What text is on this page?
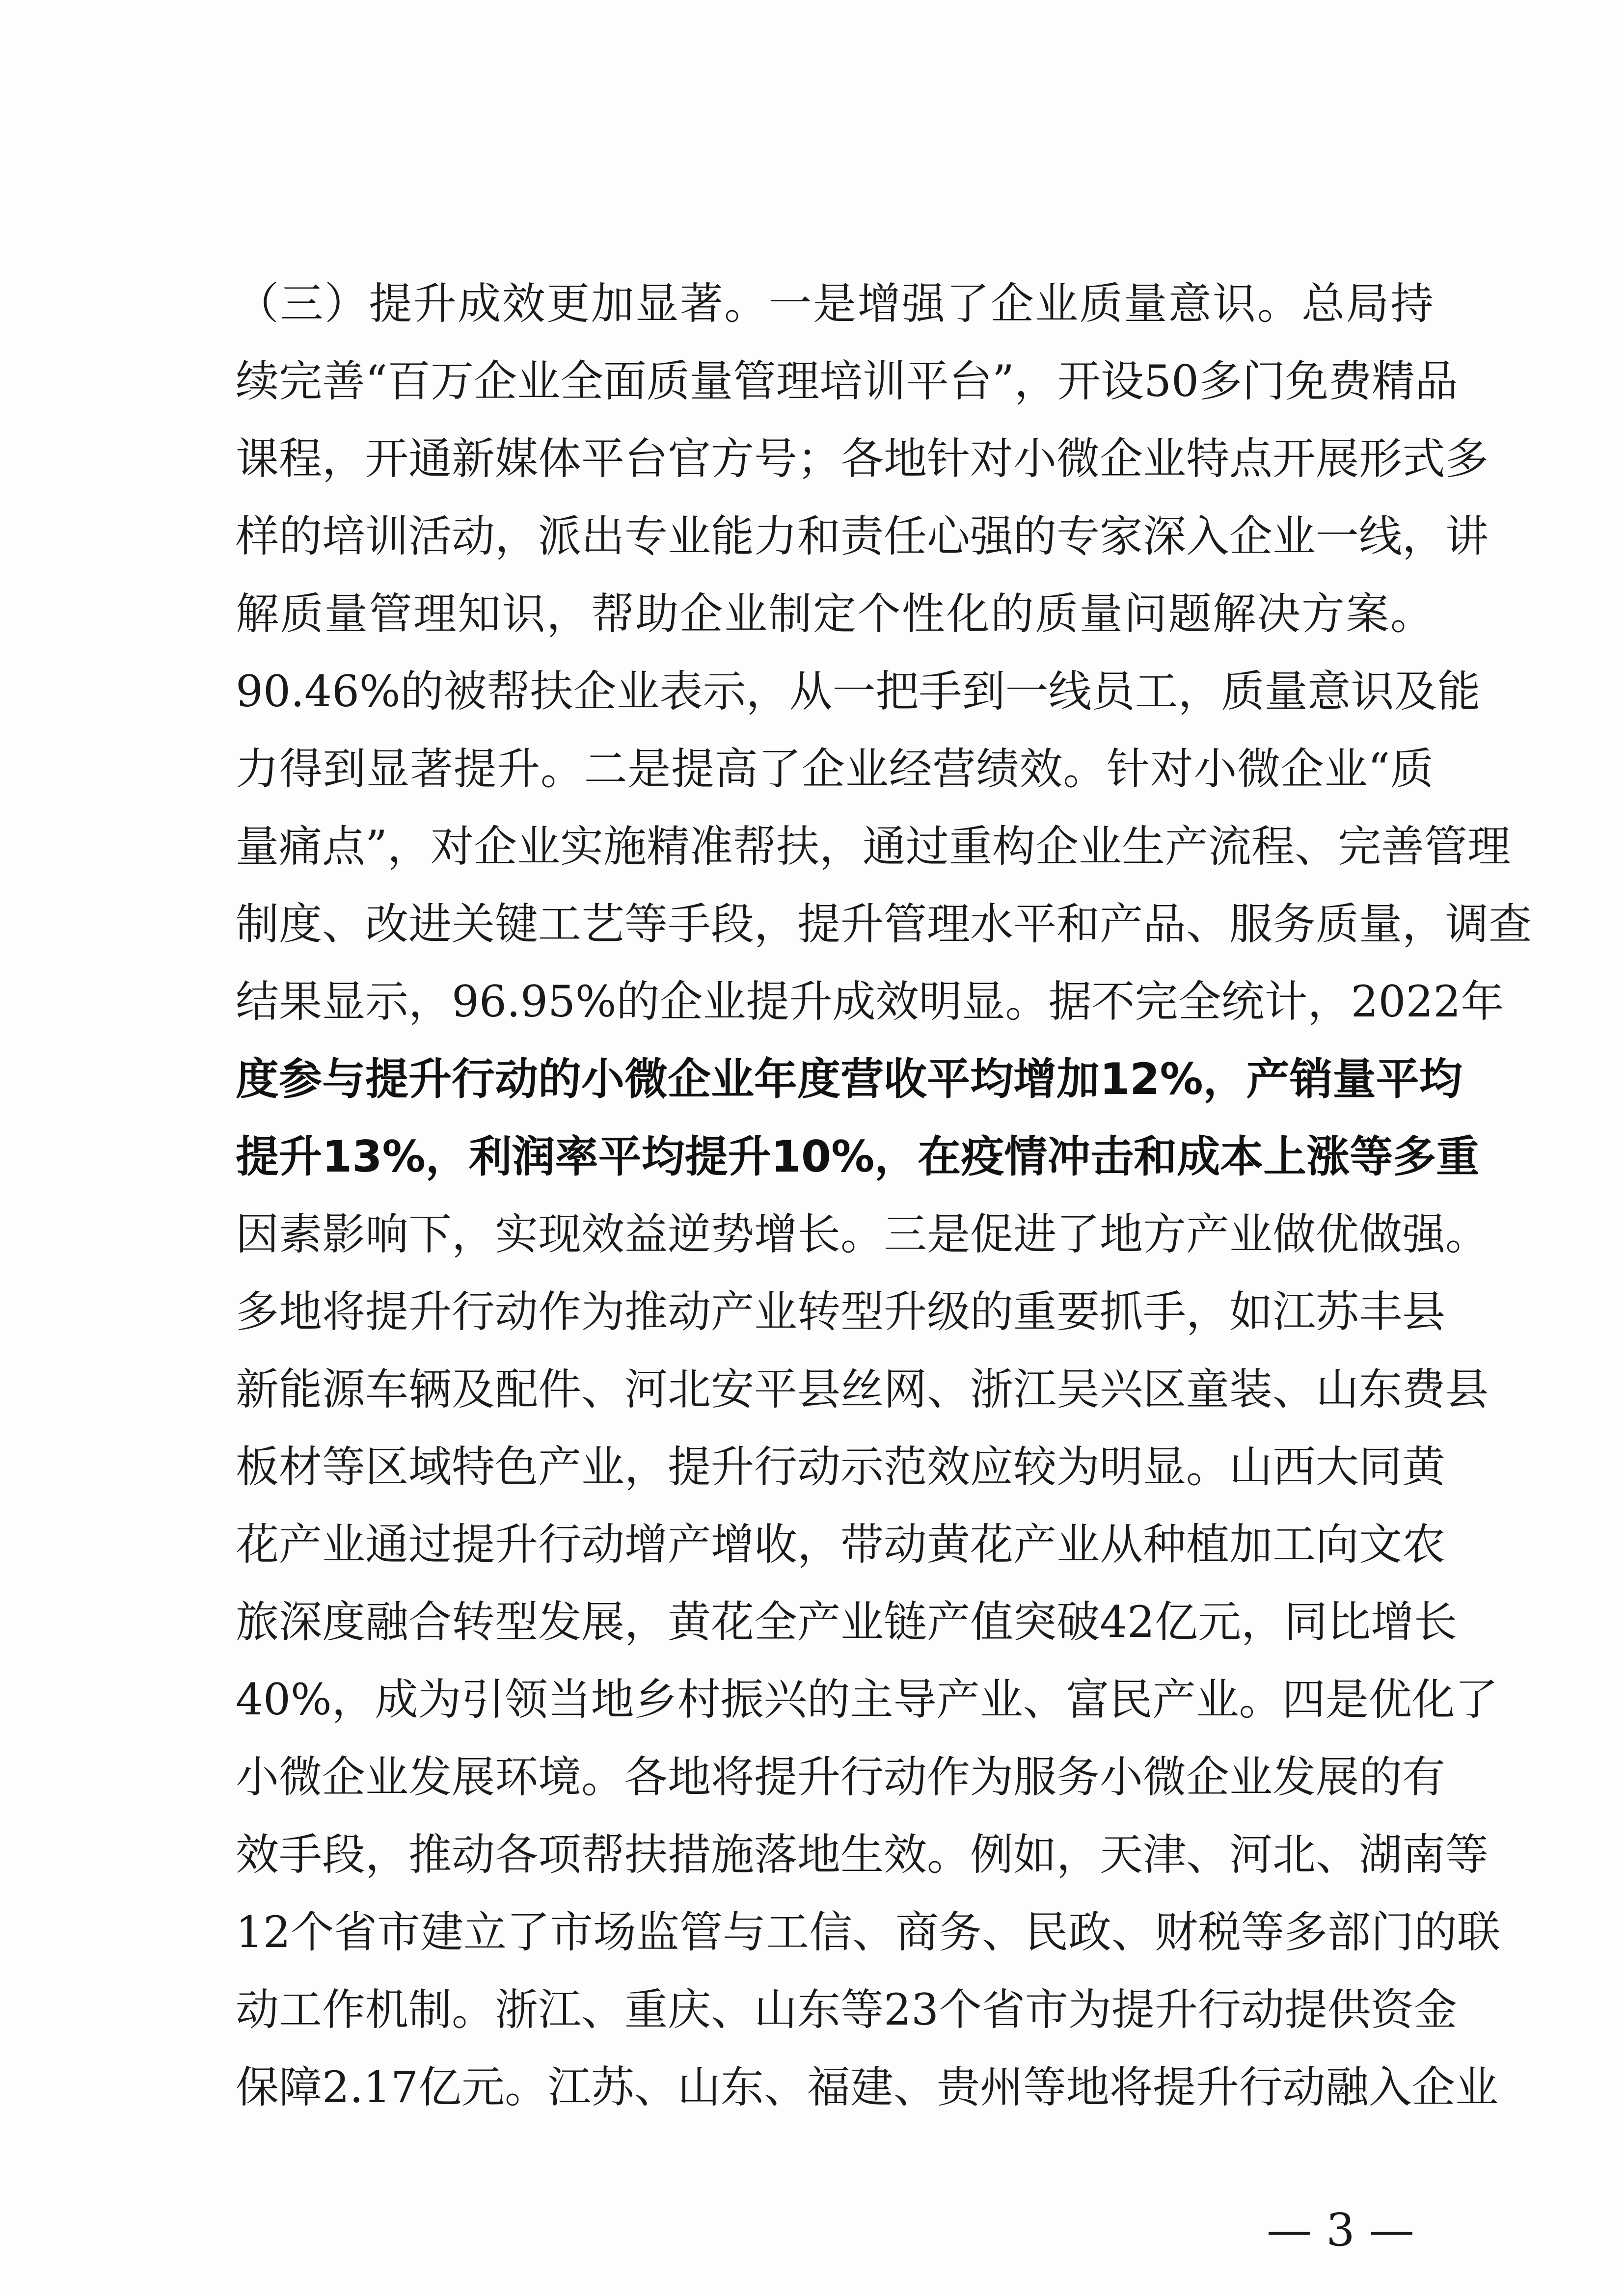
（三）提升成效更加显著。一是增强了企业质量意识。总局持
续完善“百万企业全面质量管理培训平台”，开设50多门免费精品
课程，开通新媒体平台官方号；各地针对小微企业特点开展形式多
样的培训活动，派出专业能力和责任心强的专家深入企业一线，讲
解质量管理知识，帮助企业制定个性化的质量问题解决方案。
90.46%的被帮扶企业表示，从一把手到一线员工，质量意识及能
力得到显著提升。二是提高了企业经营绩效。针对小微企业“质
量痛点”，对企业实施精准帮扶，通过重构企业生产流程、完善管理
制度、改进关键工艺等手段，提升管理水平和产品、服务质量，调查
结果显示，96.95%的企业提升成效明显。据不完全统计，2022年
度参与提升行动的小微企业年度营收平均增加12%，产销量平均
提升13%，利润率平均提升10%，在疫情冲击和成本上涨等多重
因素影响下，实现效益逆势增长。三是促进了地方产业做优做强。
多地将提升行动作为推动产业转型升级的重要抓手，如江苏丰县
新能源车辆及配件、河北安平县丝网、浙江吴兴区童装、山东费县
板材等区域特色产业，提升行动示范效应较为明显。山西大同黄
花产业通过提升行动增产增收，带动黄花产业从种植加工向文农
旅深度融合转型发展，黄花全产业链产值突破42亿元，同比增长
40%，成为引领当地乡村振兴的主导产业、富民产业。四是优化了
小微企业发展环境。各地将提升行动作为服务小微企业发展的有
效手段，推动各项帮扶措施落地生效。例如，天津、河北、湖南等
12个省市建立了市场监管与工信、商务、民政、财税等多部门的联
动工作机制。浙江、重庆、山东等23个省市为提升行动提供资金
保障2.17亿元。江苏、山东、福建、贵州等地将提升行动融入企业
— 3 —
